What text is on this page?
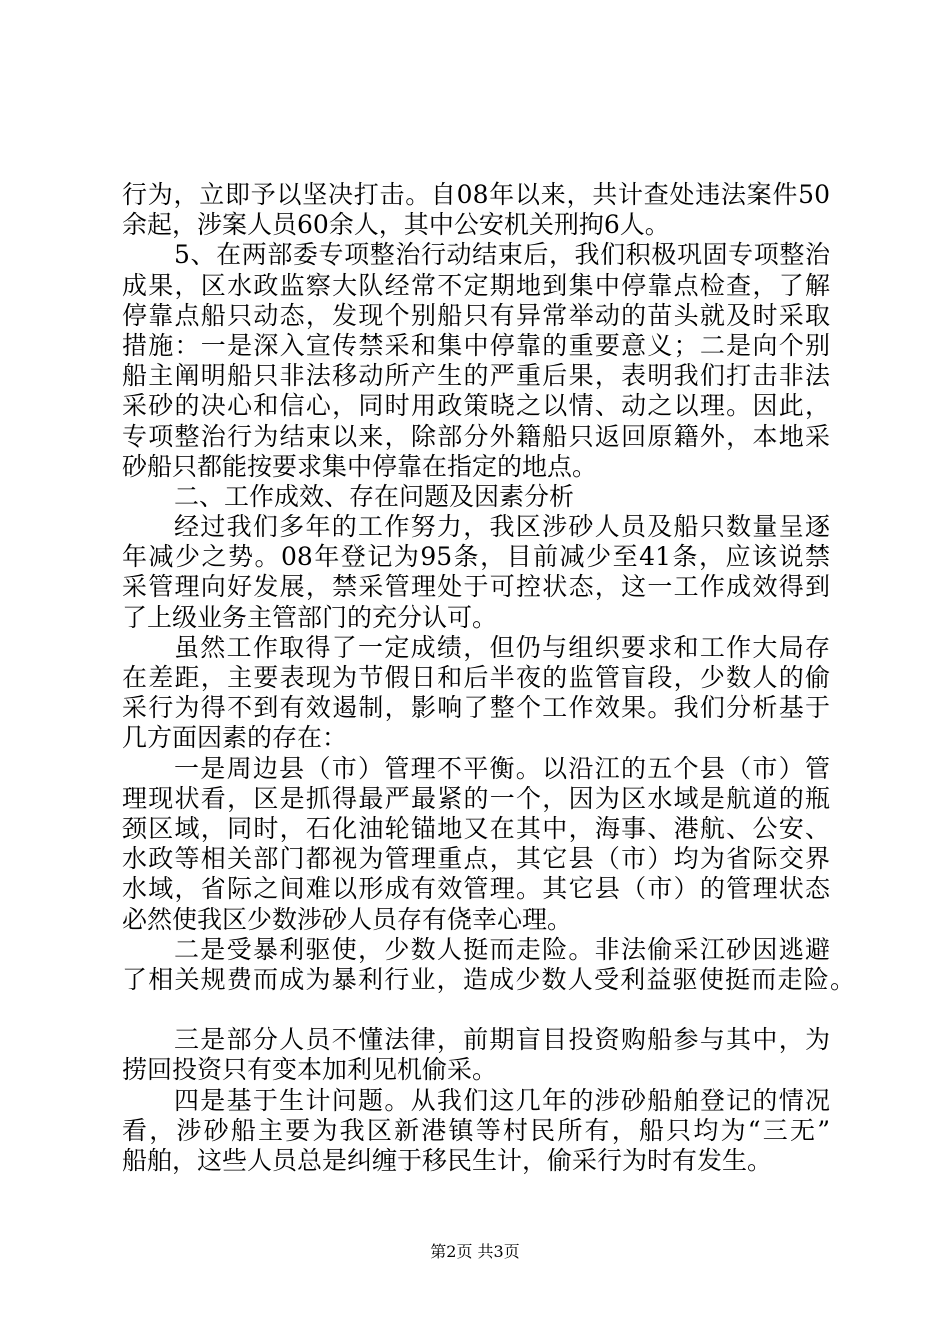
行为，立即予以坚决打击。自08年以来，共计查处违法案件50
余起，涉案人员60余人，其中公安机关刑拘6人。
5、在两部委专项整治行动结束后，我们积极巩固专项整治
成果，区水政监察大队经常不定期地到集中停靠点检查，了解
停靠点船只动态，发现个别船只有异常举动的苗头就及时采取
措施：一是深入宣传禁采和集中停靠的重要意义；二是向个别
船主阐明船只非法移动所产生的严重后果，表明我们打击非法
采砂的决心和信心，同时用政策晓之以情、动之以理。因此，
专项整治行为结束以来，除部分外籍船只返回原籍外，本地采
砂船只都能按要求集中停靠在指定的地点。
二、工作成效、存在问题及因素分析
经过我们多年的工作努力，我区涉砂人员及船只数量呈逐
年减少之势。08年登记为95条，目前减少至41条，应该说禁
采管理向好发展，禁采管理处于可控状态，这一工作成效得到
了上级业务主管部门的充分认可。
虽然工作取得了一定成绩，但仍与组织要求和工作大局存
在差距，主要表现为节假日和后半夜的监管盲段，少数人的偷
采行为得不到有效遏制，影响了整个工作效果。我们分析基于
几方面因素的存在：
一是周边县（市）管理不平衡。以沿江的五个县（市）管
理现状看，区是抓得最严最紧的一个，因为区水域是航道的瓶
颈区域，同时，石化油轮锚地又在其中，海事、港航、公安、
水政等相关部门都视为管理重点，其它县（市）均为省际交界
水域，省际之间难以形成有效管理。其它县（市）的管理状态
必然使我区少数涉砂人员存有侥幸心理。
二是受暴利驱使，少数人挺而走险。非法偷采江砂因逃避
了相关规费而成为暴利行业，造成少数人受利益驱使挺而走险。
三是部分人员不懂法律，前期盲目投资购船参与其中，为
捞回投资只有变本加利见机偷采。
四是基于生计问题。从我们这几年的涉砂船舶登记的情况
看，涉砂船主要为我区新港镇等村民所有，船只均为“三无”
船舶，这些人员总是纠缠于移民生计，偷采行为时有发生。
第2页 共3页
